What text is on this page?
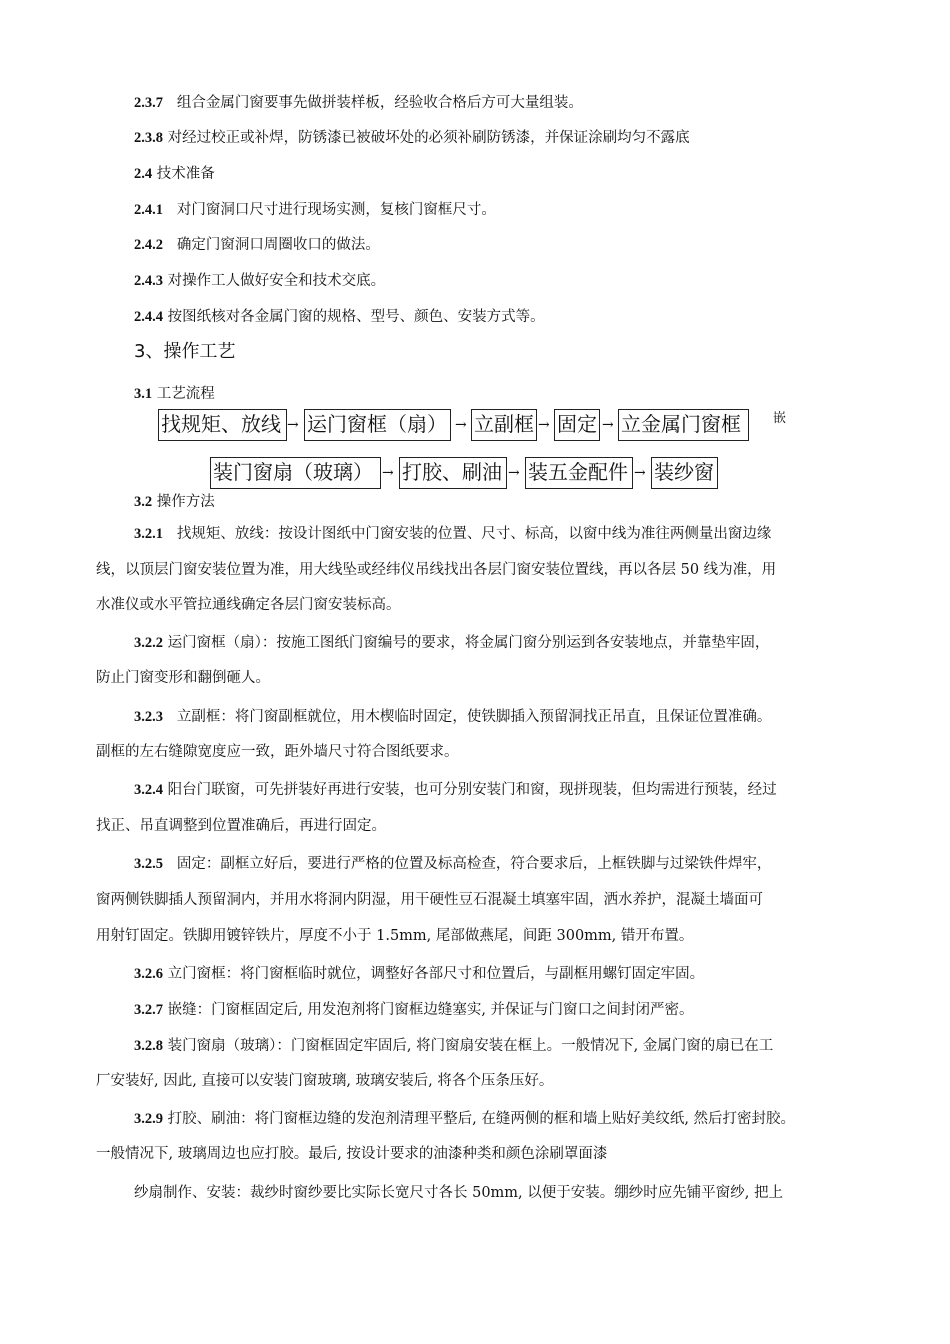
2.3.7 组合金属门窗要事先做拼装样板，经验收合格后方可大量组装。
2.3.8 对经过校正或补焊，防锈漆已被破坏处的必须补刷防锈漆，并保证涂刷均匀不露底
2.4 技术准备
2.4.1 对门窗洞口尺寸进行现场实测，复核门窗框尺寸。
2.4.2 确定门窗洞口周圈收口的做法。
2.4.3 对操作工人做好安全和技术交底。
2.4.4 按图纸核对各金属门窗的规格、型号、颜色、安装方式等。
3、操作工艺
3.1 工艺流程
找规矩、放线 → 运门窗框（扇） → 立副框 → 固定 → 立金属门窗框	嵌
装门窗扇（玻璃） → 打胶、刷油 → 装五金配件 → 装纱窗
3.2 操作方法
3.2.1 找规矩、放线：按设计图纸中门窗安装的位置、尺寸、标高，以窗中线为准往两侧量出窗边缘
线，以顶层门窗安装位置为准，用大线坠或经纬仪吊线找出各层门窗安装位置线，再以各层 50 线为准，用
水准仪或水平管拉通线确定各层门窗安装标高。
3.2.2 运门窗框（扇）：按施工图纸门窗编号的要求，将金属门窗分别运到各安装地点，并靠垫牢固，
防止门窗变形和翻倒砸人。
3.2.3 立副框：将门窗副框就位，用木楔临时固定，使铁脚插入预留洞找正吊直，且保证位置准确。
副框的左右缝隙宽度应一致，距外墙尺寸符合图纸要求。
3.2.4 阳台门联窗，可先拼装好再进行安装，也可分别安装门和窗，现拼现装，但均需进行预装，经过
找正、吊直调整到位置准确后，再进行固定。
3.2.5 固定：副框立好后，要进行严格的位置及标高检查，符合要求后，上框铁脚与过梁铁件焊牢，
窗两侧铁脚插人预留洞内，并用水将洞内阴湿，用干硬性豆石混凝土填塞牢固，洒水养护，混凝土墙面可
用射钉固定。铁脚用镀锌铁片，厚度不小于 1.5mm, 尾部做燕尾，间距 300mm, 错开布置。
3.2.6 立门窗框：将门窗框临时就位，调整好各部尺寸和位置后，与副框用螺钉固定牢固。
3.2.7 嵌缝：门窗框固定后, 用发泡剂将门窗框边缝塞实, 并保证与门窗口之间封闭严密。
3.2.8 装门窗扇（玻璃）：门窗框固定牢固后, 将门窗扇安装在框上。一般情况下, 金属门窗的扇已在工
厂安装好, 因此, 直接可以安装门窗玻璃, 玻璃安装后, 将各个压条压好。
3.2.9 打胶、刷油：将门窗框边缝的发泡剂清理平整后, 在缝两侧的框和墙上贴好美纹纸, 然后打密封胶。
一般情况下, 玻璃周边也应打胶。最后, 按设计要求的油漆种类和颜色涂刷罩面漆
纱扇制作、安装：裁纱时窗纱要比实际长宽尺寸各长 50mm, 以便于安装。绷纱时应先铺平窗纱, 把上
